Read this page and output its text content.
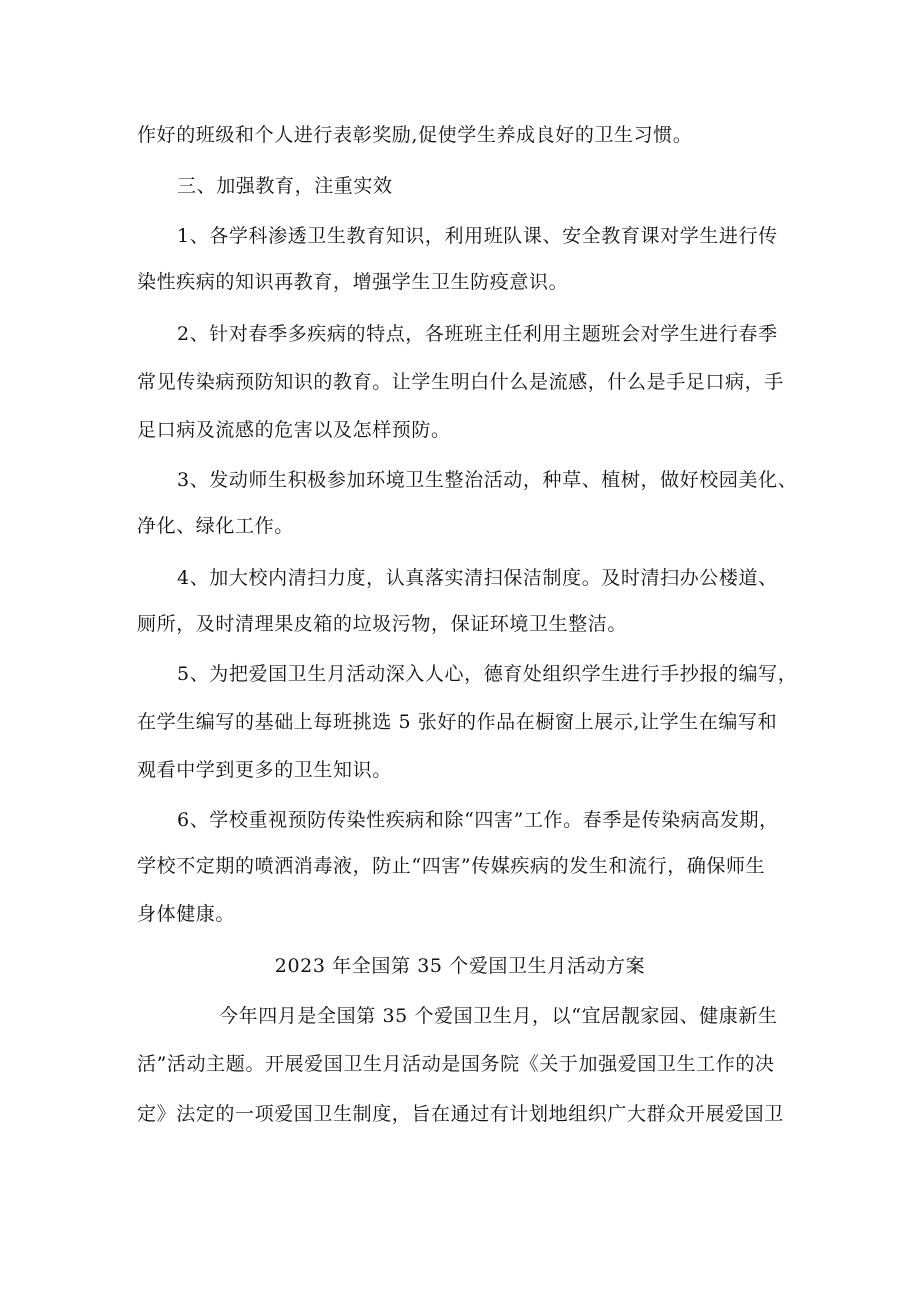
作好的班级和个人进行表彰奖励,促使学生养成良好的卫生习惯。
三、加强教育，注重实效
1、各学科渗透卫生教育知识，利用班队课、安全教育课对学生进行传
染性疾病的知识再教育，增强学生卫生防疫意识。
2、针对春季多疾病的特点，各班班主任利用主题班会对学生进行春季
常见传染病预防知识的教育。让学生明白什么是流感，什么是手足口病，手
足口病及流感的危害以及怎样预防。
3、发动师生积极参加环境卫生整治活动，种草、植树，做好校园美化、
净化、绿化工作。
4、加大校内清扫力度，认真落实清扫保洁制度。及时清扫办公楼道、
厕所，及时清理果皮箱的垃圾污物，保证环境卫生整洁。
5、为把爱国卫生月活动深入人心，德育处组织学生进行手抄报的编写，
在学生编写的基础上每班挑选 5 张好的作品在橱窗上展示,让学生在编写和
观看中学到更多的卫生知识。
6、学校重视预防传染性疾病和除“四害”工作。春季是传染病高发期，
学校不定期的喷洒消毒液，防止“四害”传媒疾病的发生和流行，确保师生
身体健康。
2023 年全国第 35 个爱国卫生月活动方案
今年四月是全国第 35 个爱国卫生月，以“宜居靓家园、健康新生
活”活动主题。开展爱国卫生月活动是国务院《关于加强爱国卫生工作的决
定》法定的一项爱国卫生制度，旨在通过有计划地组织广大群众开展爱国卫
